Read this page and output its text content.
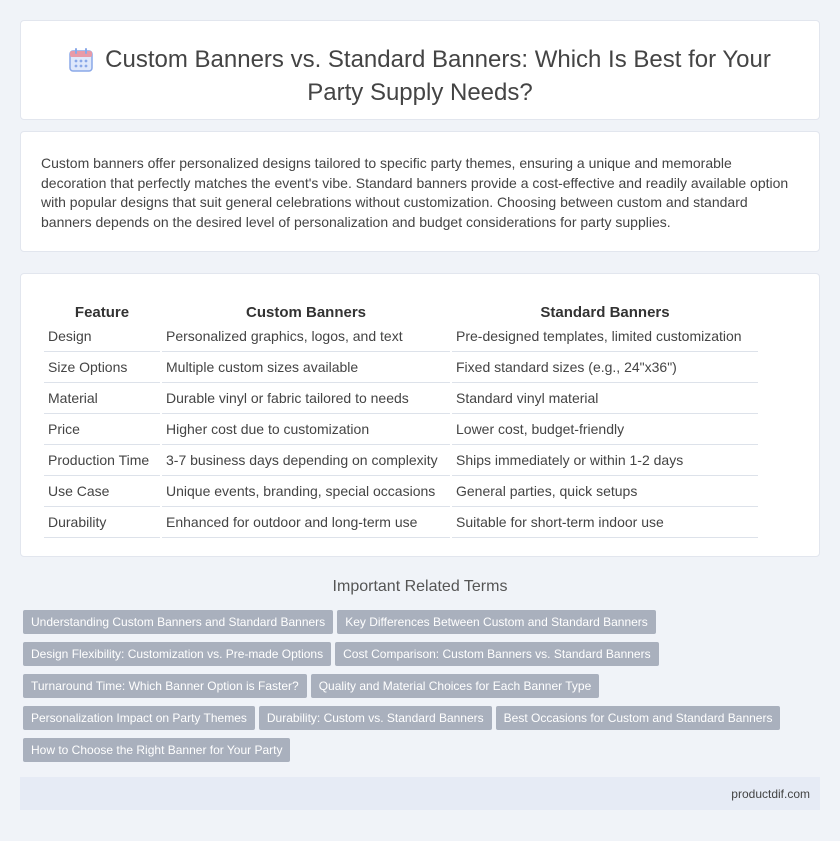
Custom Banners vs. Standard Banners: Which Is Best for Your Party Supply Needs?

Custom banners offer personalized designs tailored to specific party themes, ensuring a unique and memorable decoration that perfectly matches the event's vibe. Standard banners provide a cost-effective and readily available option with popular designs that suit general celebrations without customization. Choosing between custom and standard banners depends on the desired level of personalization and budget considerations for party supplies.

Feature	Custom Banners	Standard Banners
Design	Personalized graphics, logos, and text	Pre-designed templates, limited customization
Size Options	Multiple custom sizes available	Fixed standard sizes (e.g., 24"x36")
Material	Durable vinyl or fabric tailored to needs	Standard vinyl material
Price	Higher cost due to customization	Lower cost, budget-friendly
Production Time	3-7 business days depending on complexity	Ships immediately or within 1-2 days
Use Case	Unique events, branding, special occasions	General parties, quick setups
Durability	Enhanced for outdoor and long-term use	Suitable for short-term indoor use
Important Related Terms
Understanding Custom Banners and Standard Banners Key Differences Between Custom and Standard Banners
Design Flexibility: Customization vs. Pre-made Options Cost Comparison: Custom Banners vs. Standard Banners
Turnaround Time: Which Banner Option is Faster? Quality and Material Choices for Each Banner Type
Personalization Impact on Party Themes Durability: Custom vs. Standard Banners Best Occasions for Custom and Standard Banners
How to Choose the Right Banner for Your Party
productdif.com
